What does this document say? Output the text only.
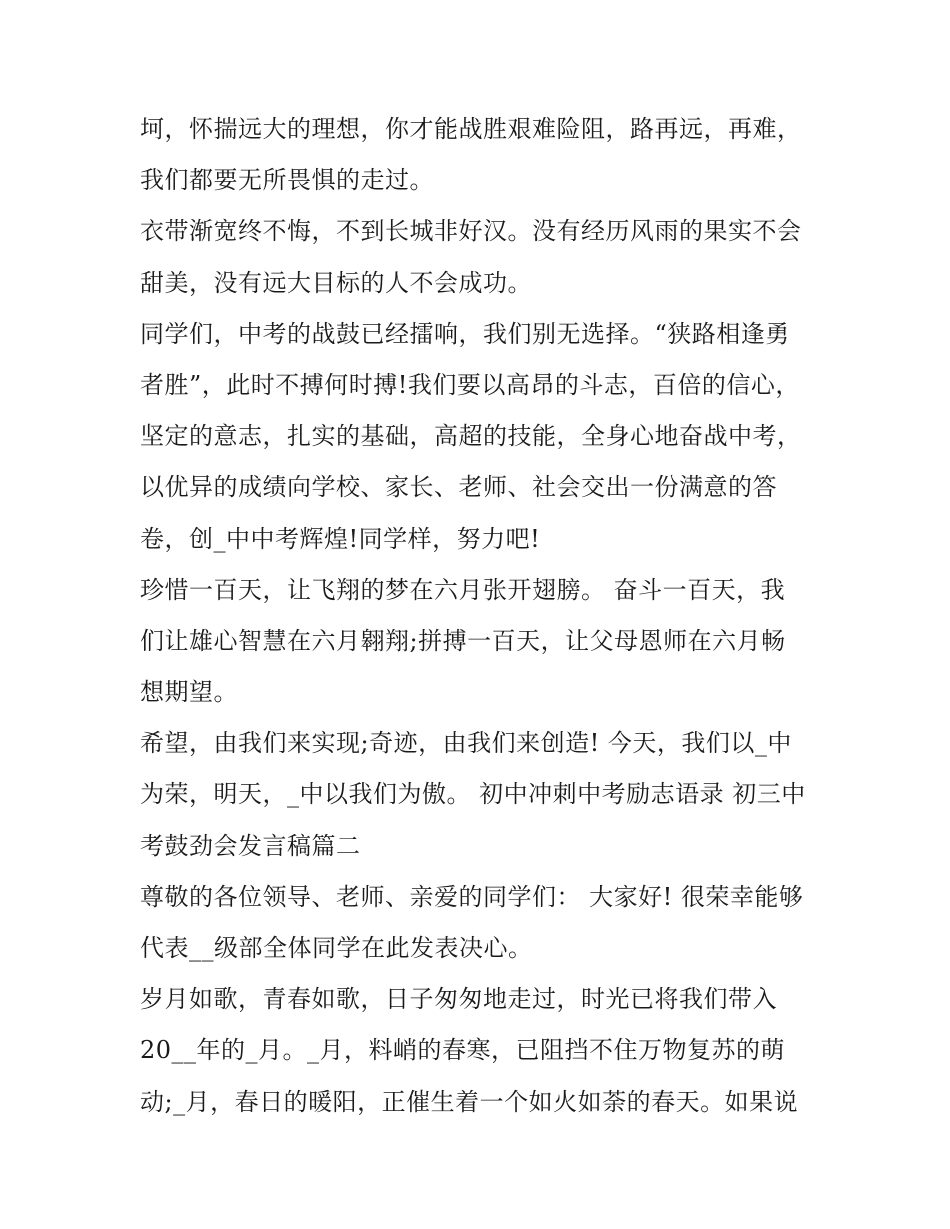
坷，怀揣远大的理想，你才能战胜艰难险阻，路再远，再难，
我们都要无所畏惧的走过。
衣带渐宽终不悔，不到长城非好汉。没有经历风雨的果实不会
甜美，没有远大目标的人不会成功。
同学们，中考的战鼓已经擂响，我们别无选择。“狭路相逢勇
者胜”，此时不搏何时搏!我们要以高昂的斗志，百倍的信心，
坚定的意志，扎实的基础，高超的技能，全身心地奋战中考，
以优异的成绩向学校、家长、老师、社会交出一份满意的答
卷，创_中中考辉煌!同学样，努力吧!
珍惜一百天，让飞翔的梦在六月张开翅膀。 奋斗一百天，我
们让雄心智慧在六月翱翔;拼搏一百天，让父母恩师在六月畅
想期望。
希望，由我们来实现;奇迹，由我们来创造! 今天，我们以_中
为荣，明天，_中以我们为傲。 初中冲刺中考励志语录 初三中
考鼓劲会发言稿篇二
尊敬的各位领导、老师、亲爱的同学们： 大家好! 很荣幸能够
代表__级部全体同学在此发表决心。
岁月如歌，青春如歌，日子匆匆地走过，时光已将我们带入
20__年的_月。_月，料峭的春寒，已阻挡不住万物复苏的萌
动;_月，春日的暖阳，正催生着一个如火如荼的春天。如果说
